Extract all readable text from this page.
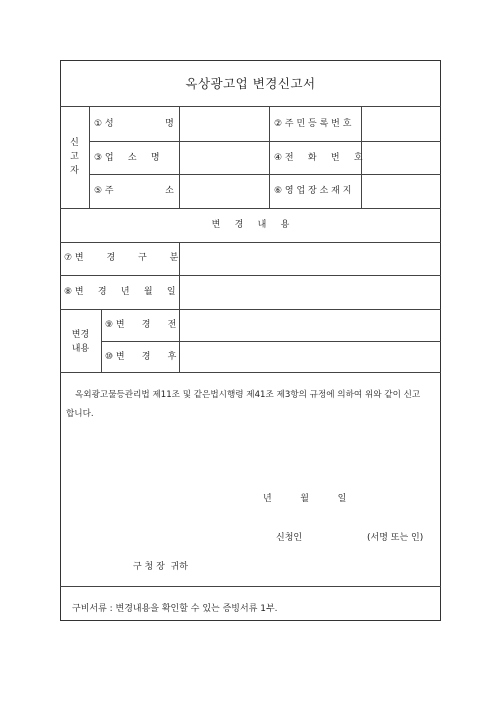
옥상광고업 변경신고서
신
고
자
① 성                  명
③ 업     소     명
⑤ 주                  소
② 주 민 등 록 번 호
④ 전     화     번     호
⑥ 영 업 장 소 재 지
변     경     내     용
⑦ 변        경        구        분
⑧ 변     경     년     월     일
변경
내용
⑨ 변      경      전
⑩ 변      경      후
옥외광고물등관리법 제11조 및 같은법시행령 제41조 제3항의 규정에 의하여 위와 같이 신고합니다.
년          월          일
신청인	(서명 또는 인)
구 청 장  귀하
구비서류 : 변경내용을 확인할 수 있는 증빙서류 1부.
